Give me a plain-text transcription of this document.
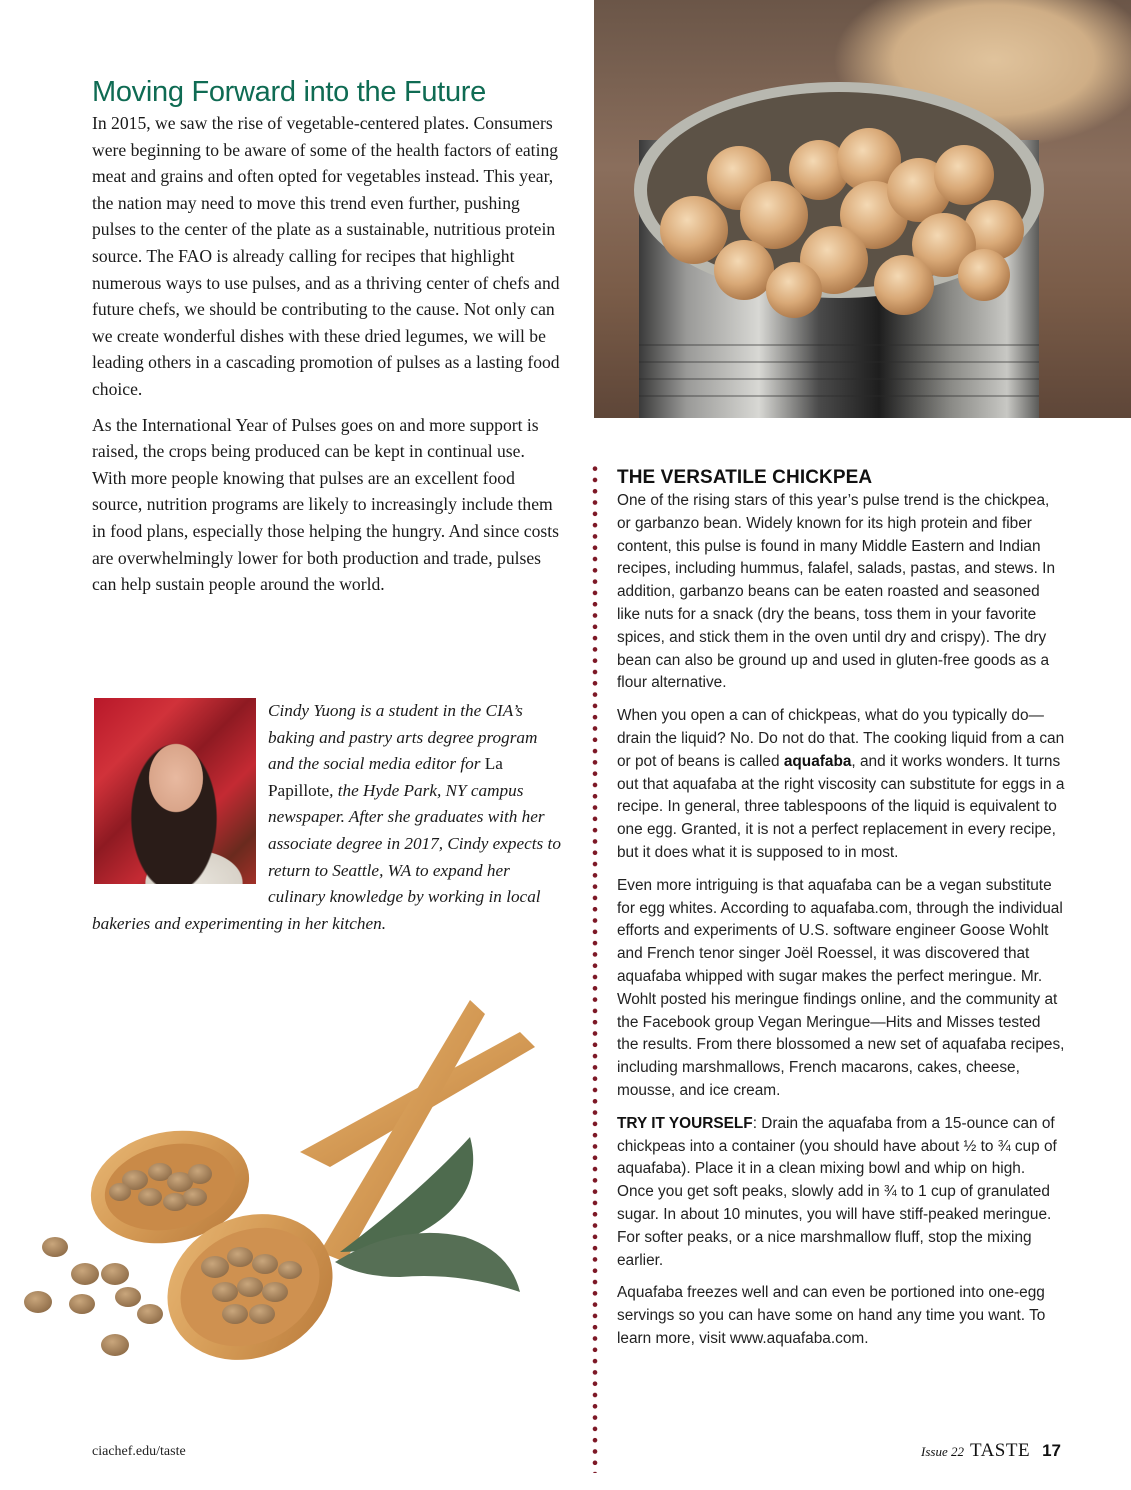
Moving Forward into the Future

In 2015, we saw the rise of vegetable-centered plates. Consumers were beginning to be aware of some of the health factors of eating meat and grains and often opted for vegetables instead. This year, the nation may need to move this trend even further, pushing pulses to the center of the plate as a sustainable, nutritious protein source. The FAO is already calling for recipes that highlight numerous ways to use pulses, and as a thriving center of chefs and future chefs, we should be contributing to the cause. Not only can we create wonderful dishes with these dried legumes, we will be leading others in a cascading promotion of pulses as a lasting food choice.

As the International Year of Pulses goes on and more support is raised, the crops being produced can be kept in continual use. With more people knowing that pulses are an excellent food source, nutrition programs are likely to increasingly include them in food plans, especially those helping the hungry. And since costs are overwhelmingly lower for both production and trade, pulses can help sustain people around the world.

Cindy Yuong is a student in the CIA’s baking and pastry arts degree program and the social media editor for La Papillote, the Hyde Park, NY campus newspaper. After she graduates with her associate degree in 2017, Cindy expects to return to Seattle, WA to expand her culinary knowledge by working in local bakeries and experimenting in her kitchen.

THE VERSATILE CHICKPEA

One of the rising stars of this year’s pulse trend is the chickpea, or garbanzo bean. Widely known for its high protein and fiber content, this pulse is found in many Middle Eastern and Indian recipes, including hummus, falafel, salads, pastas, and stews. In addition, garbanzo beans can be eaten roasted and seasoned like nuts for a snack (dry the beans, toss them in your favorite spices, and stick them in the oven until dry and crispy). The dry bean can also be ground up and used in gluten-free goods as a flour alternative.

When you open a can of chickpeas, what do you typically do—drain the liquid? No. Do not do that. The cooking liquid from a can or pot of beans is called aquafaba, and it works wonders. It turns out that aquafaba at the right viscosity can substitute for eggs in a recipe. In general, three tablespoons of the liquid is equivalent to one egg. Granted, it is not a perfect replacement in every recipe, but it does what it is supposed to in most.

Even more intriguing is that aquafaba can be a vegan substitute for egg whites. According to aquafaba.com, through the individual efforts and experiments of U.S. software engineer Goose Wohlt and French tenor singer Joël Roessel, it was discovered that aquafaba whipped with sugar makes the perfect meringue. Mr. Wohlt posted his meringue findings online, and the community at the Facebook group Vegan Meringue—Hits and Misses tested the results. From there blossomed a new set of aquafaba recipes, including marshmallows, French macarons, cakes, cheese, mousse, and ice cream.

TRY IT YOURSELF: Drain the aquafaba from a 15-ounce can of chickpeas into a container (you should have about ½ to ¾ cup of aquafaba). Place it in a clean mixing bowl and whip on high. Once you get soft peaks, slowly add in ¾ to 1 cup of granulated sugar. In about 10 minutes, you will have stiff-peaked meringue. For softer peaks, or a nice marshmallow fluff, stop the mixing earlier.

Aquafaba freezes well and can even be portioned into one-egg servings so you can have some on hand any time you want. To learn more, visit www.aquafaba.com.

ciachef.edu/taste	Issue 22 TASTE 17
